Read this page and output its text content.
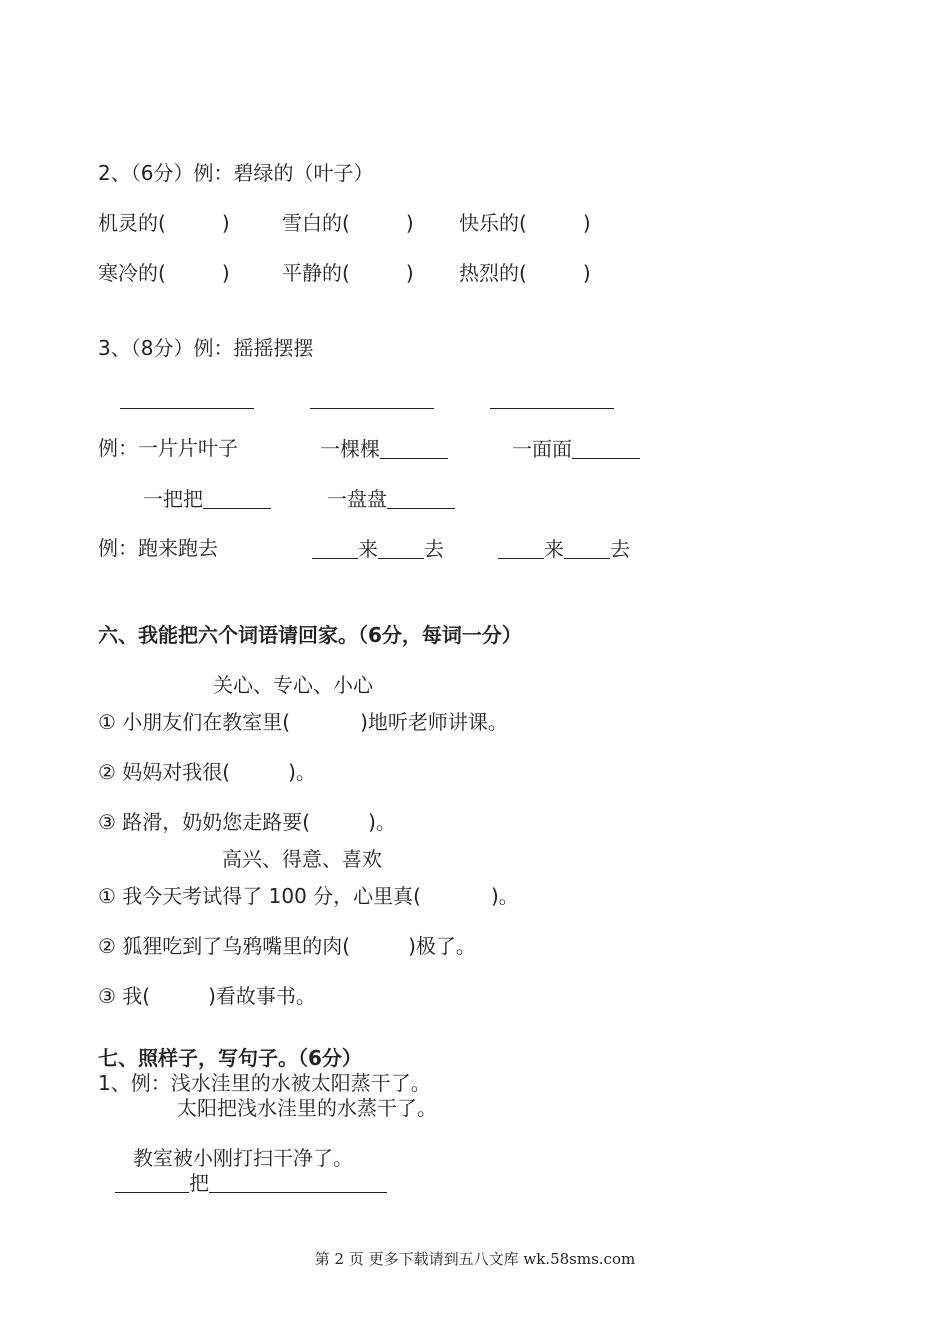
2、（6分）例：碧绿的（叶子）
机灵的(	)	雪白的(	) 快乐的(	)
寒冷的(	)	平静的(	) 热烈的(	)
3、（8分）例：摇摇摆摆
例：一片片叶子	一棵棵	一面面
一把把	一盘盘
例：跑来跑去	来 去	来 去
六、我能把六个词语请回家。（6分，每词一分）
关心、专心、小心
① 小朋友们在教室里(	)地听老师讲课。
② 妈妈对我很(	)。
③ 路滑，奶奶您走路要(	)。
高兴、得意、喜欢
① 我今天考试得了 100 分，心里真(	)。
② 狐狸吃到了乌鸦嘴里的肉(	)极了。
③ 我(	)看故事书。
七、照样子，写句子。（6分）
1、例：浅水洼里的水被太阳蒸干了。
太阳把浅水洼里的水蒸干了。
教室被小刚打扫干净了。
把
第 2 页 更多下载请到五八文库 wk.58sms.com
